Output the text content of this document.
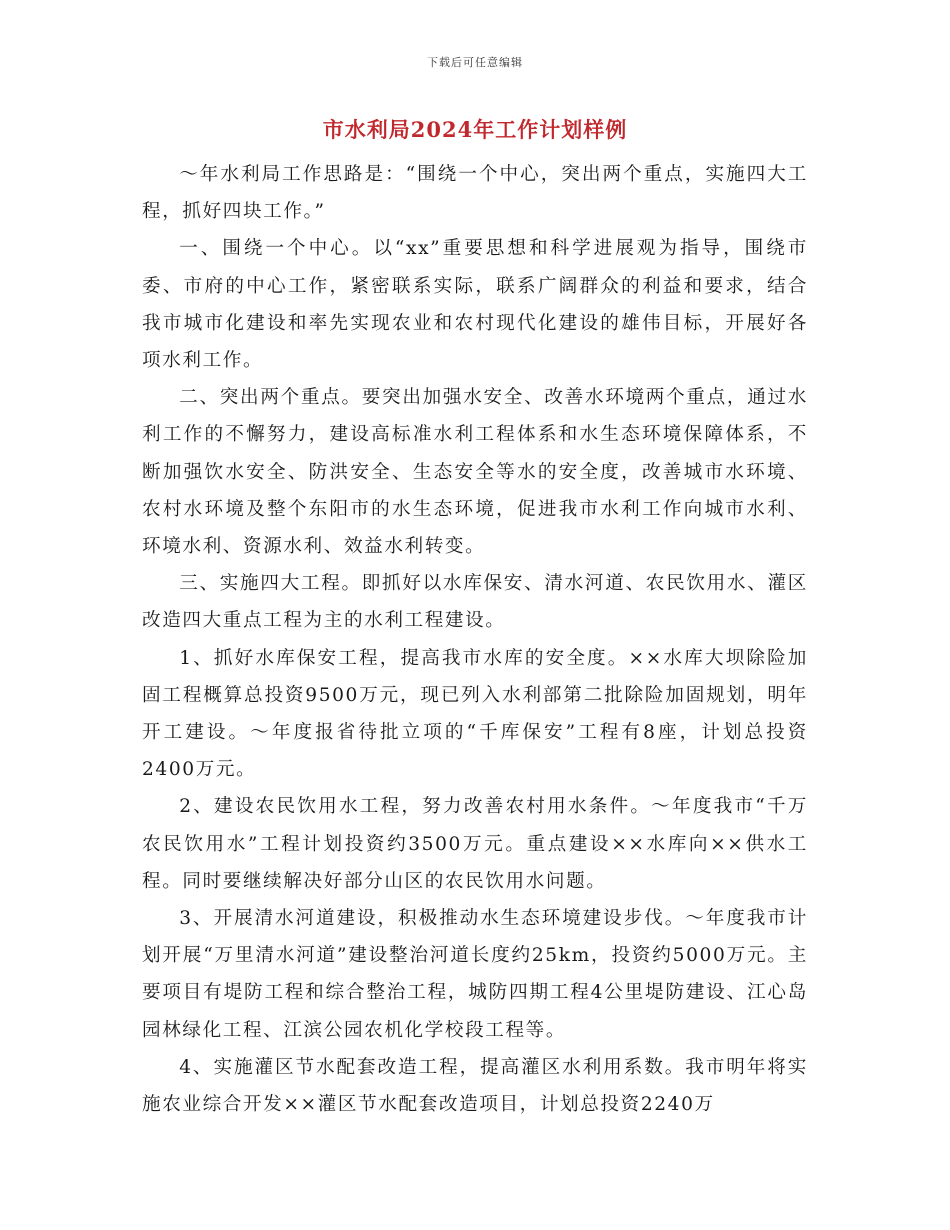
下载后可任意编辑
市水利局2024年工作计划样例

～年水利局工作思路是：“围绕一个中心，突出两个重点，实施四大工程，抓好四块工作。”

一、围绕一个中心。以“xx”重要思想和科学进展观为指导，围绕市委、市府的中心工作，紧密联系实际，联系广阔群众的利益和要求，结合我市城市化建设和率先实现农业和农村现代化建设的雄伟目标，开展好各项水利工作。

二、突出两个重点。要突出加强水安全、改善水环境两个重点，通过水利工作的不懈努力，建设高标准水利工程体系和水生态环境保障体系，不断加强饮水安全、防洪安全、生态安全等水的安全度，改善城市水环境、农村水环境及整个东阳市的水生态环境，促进我市水利工作向城市水利、环境水利、资源水利、效益水利转变。

三、实施四大工程。即抓好以水库保安、清水河道、农民饮用水、灌区改造四大重点工程为主的水利工程建设。

1、抓好水库保安工程，提高我市水库的安全度。××水库大坝除险加固工程概算总投资9500万元，现已列入水利部第二批除险加固规划，明年开工建设。～年度报省待批立项的“千库保安”工程有8座，计划总投资2400万元。

2、建设农民饮用水工程，努力改善农村用水条件。～年度我市“千万农民饮用水”工程计划投资约3500万元。重点建设××水库向××供水工程。同时要继续解决好部分山区的农民饮用水问题。

3、开展清水河道建设，积极推动水生态环境建设步伐。～年度我市计划开展“万里清水河道”建设整治河道长度约25km，投资约5000万元。主要项目有堤防工程和综合整治工程，城防四期工程4公里堤防建设、江心岛园林绿化工程、江滨公园农机化学校段工程等。

4、实施灌区节水配套改造工程，提高灌区水利用系数。我市明年将实施农业综合开发××灌区节水配套改造项目，计划总投资2240万
